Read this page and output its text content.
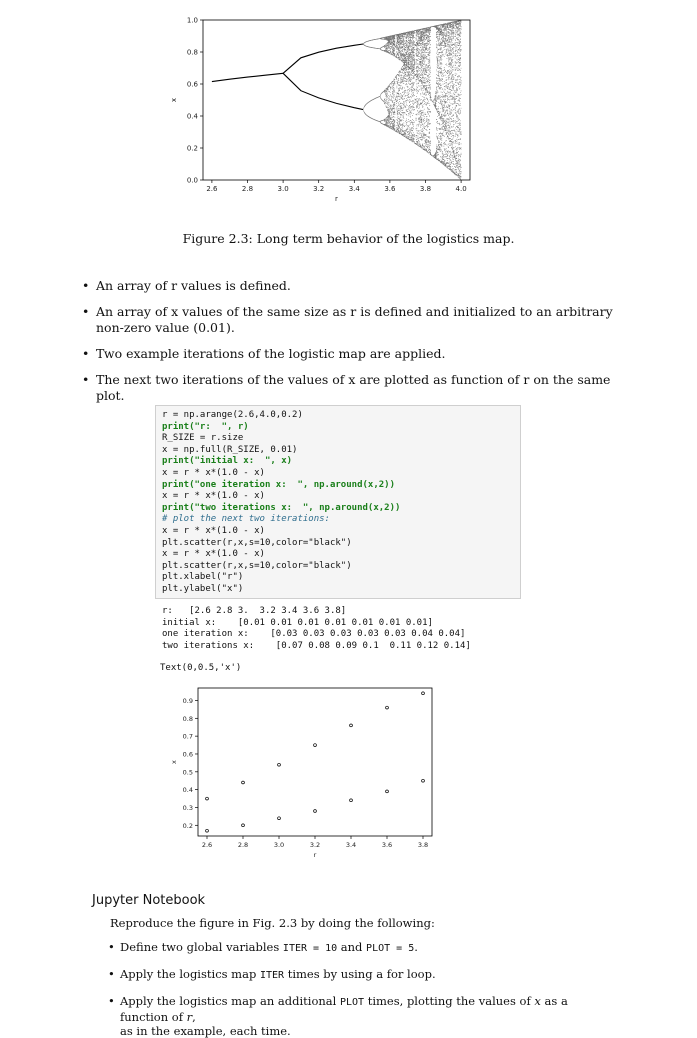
2.6	2.8	3.0	3.2	3.4	3.6	3.8	4.0
0.0
0.2
0.4
0.6
0.8
1.0
r
x
Figure 2.3: Long term behavior of the logistics map.
• An array of r values is defined.
• An array of x values of the same size as r is defined and initialized to an arbitrary non-zero value (0.01).
• Two example iterations of the logistic map are applied.
• The next two iterations of the values of x are plotted as function of r on the same plot.
r = np.arange(2.6,4.0,0.2)
print("r:  ", r)
R_SIZE = r.size
x = np.full(R_SIZE, 0.01)
print("initial x:  ", x)
x = r * x*(1.0 - x)
print("one iteration x:  ", np.around(x,2))
x = r * x*(1.0 - x)
print("two iterations x:  ", np.around(x,2))
# plot the next two iterations:
x = r * x*(1.0 - x)
plt.scatter(r,x,s=10,color="black")
x = r * x*(1.0 - x)
plt.scatter(r,x,s=10,color="black")
plt.xlabel("r")
plt.ylabel("x")
r:   [2.6 2.8 3.  3.2 3.4 3.6 3.8]
initial x:    [0.01 0.01 0.01 0.01 0.01 0.01 0.01]
one iteration x:    [0.03 0.03 0.03 0.03 0.03 0.04 0.04]
two iterations x:    [0.07 0.08 0.09 0.1  0.11 0.12 0.14]
Text(0,0.5,'x')
2.6	2.8	3.0	3.2	3.4	3.6	3.8
0.2
0.3
0.4
0.5
0.6
0.7
0.8
0.9
r
x
Jupyter Notebook
Reproduce the figure in Fig. 2.3 by doing the following:
• Define two global variables ITER = 10 and PLOT = 5.
• Apply the logistics map ITER times by using a for loop.
• Apply the logistics map an additional PLOT times, plotting the values of x as a function of r,
as in the example, each time.
